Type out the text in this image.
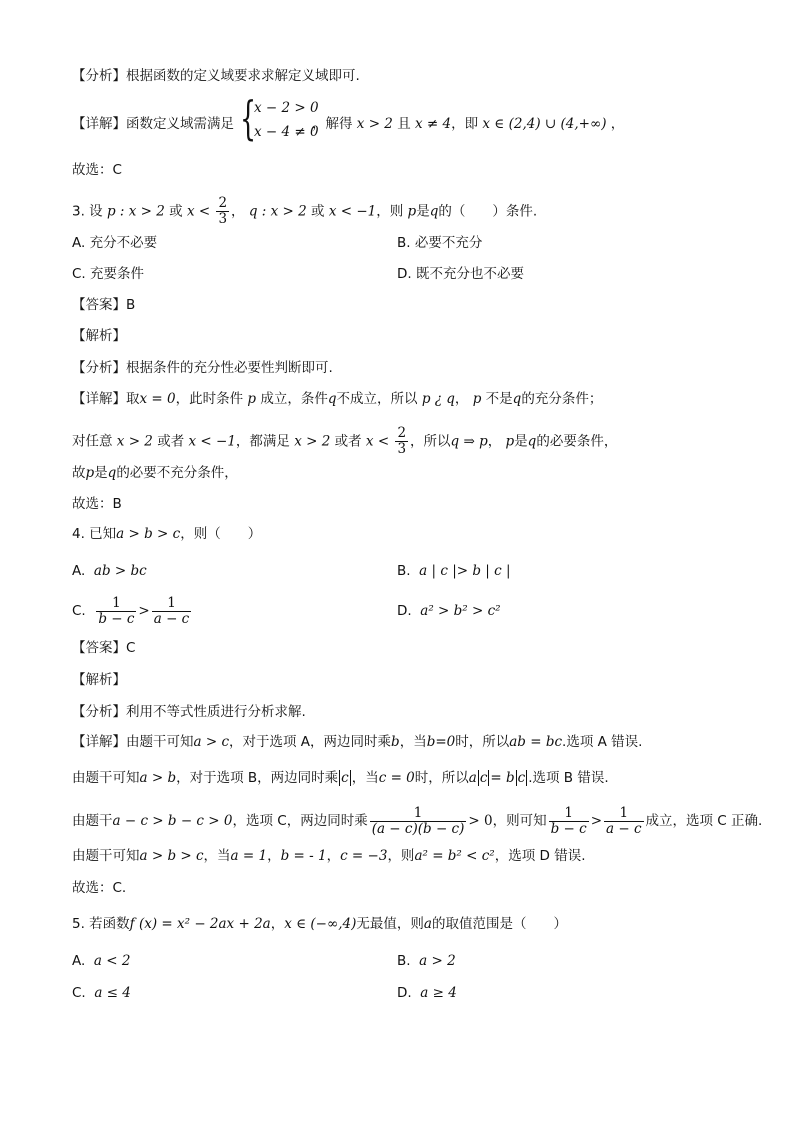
【分析】根据函数的定义域要求求解定义域即可.
【详解】函数定义域需满足 {
x − 2 > 0
x − 4 ≠ 0
，解得 x > 2 且 x ≠ 4，即 x ∈ (2,4) ∪ (4,+∞) ，
故选：C
3. 设 p : x > 2 或 $x < \frac{2}{3}$ ， q : x > 2 或 x < −1，则 p是q的（　　）条件.
A. 充分不必要	B. 必要不充分
C. 充要条件	D. 既不充分也不必要
【答案】B
【解析】
【分析】根据条件的充分性必要性判断即可.
【详解】取x = 0，此时条件 p 成立，条件q不成立，所以 p ¿ q， p 不是q的充分条件；
对任意 x > 2 或者 x < −1，都满足 x > 2 或者 $x < \frac{2}{3}$ ，所以q ⇒ p， p是q的必要条件，
故p是q的必要不充分条件，
故选：B
4. 已知a > b > c，则（　　）
A. ab > bc	B. a | c |> b | c |
C. $\frac{1}{b - c} > \frac{1}{a - c}$	D. a² > b² > c²
【答案】C
【解析】
【分析】利用不等式性质进行分析求解.
【详解】由题干可知a > c，对于选项 A，两边同时乘b，当b=0时，所以ab = bc.选项 A 错误.
由题干可知a > b，对于选项 B，两边同时乘 c ，当c = 0时，所以a c = b c .选项 B 错误.
由题干a − c > b − c > 0，选项 C，两边同时乘 $\frac{1}{(a - c)(b - c)} > 0$，则可知 $\frac{1}{b - c} > \frac{1}{a - c}$ 成立，选项 C 正确.
由题干可知a > b > c，当a = 1，b = - 1，c = −3，则a² = b² < c²，选项 D 错误.
故选：C.
5. 若函数f (x) = x² − 2ax + 2a，x ∈ (−∞,4)无最值，则a的取值范围是（　　）
A. a < 2	B. a > 2
C. a ≤ 4	D. a ≥ 4
